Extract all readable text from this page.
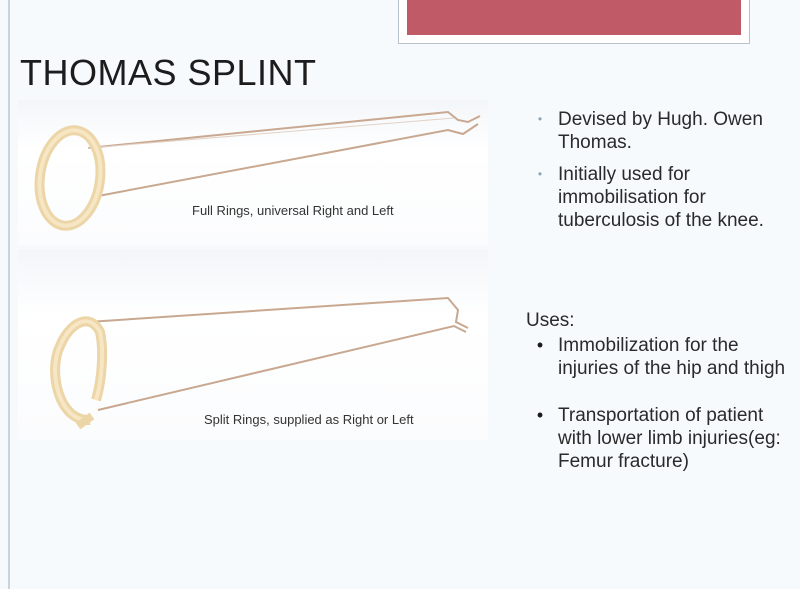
THOMAS SPLINT
Full Rings, universal Right and Left
Split Rings, supplied as Right or Left
• Devised by Hugh. Owen Thomas.
• Initially used for immobilisation for tuberculosis of the knee.
Uses:
• Immobilization for the injuries of the hip and thigh
• Transportation of patient with lower limb injuries(eg: Femur fracture)
